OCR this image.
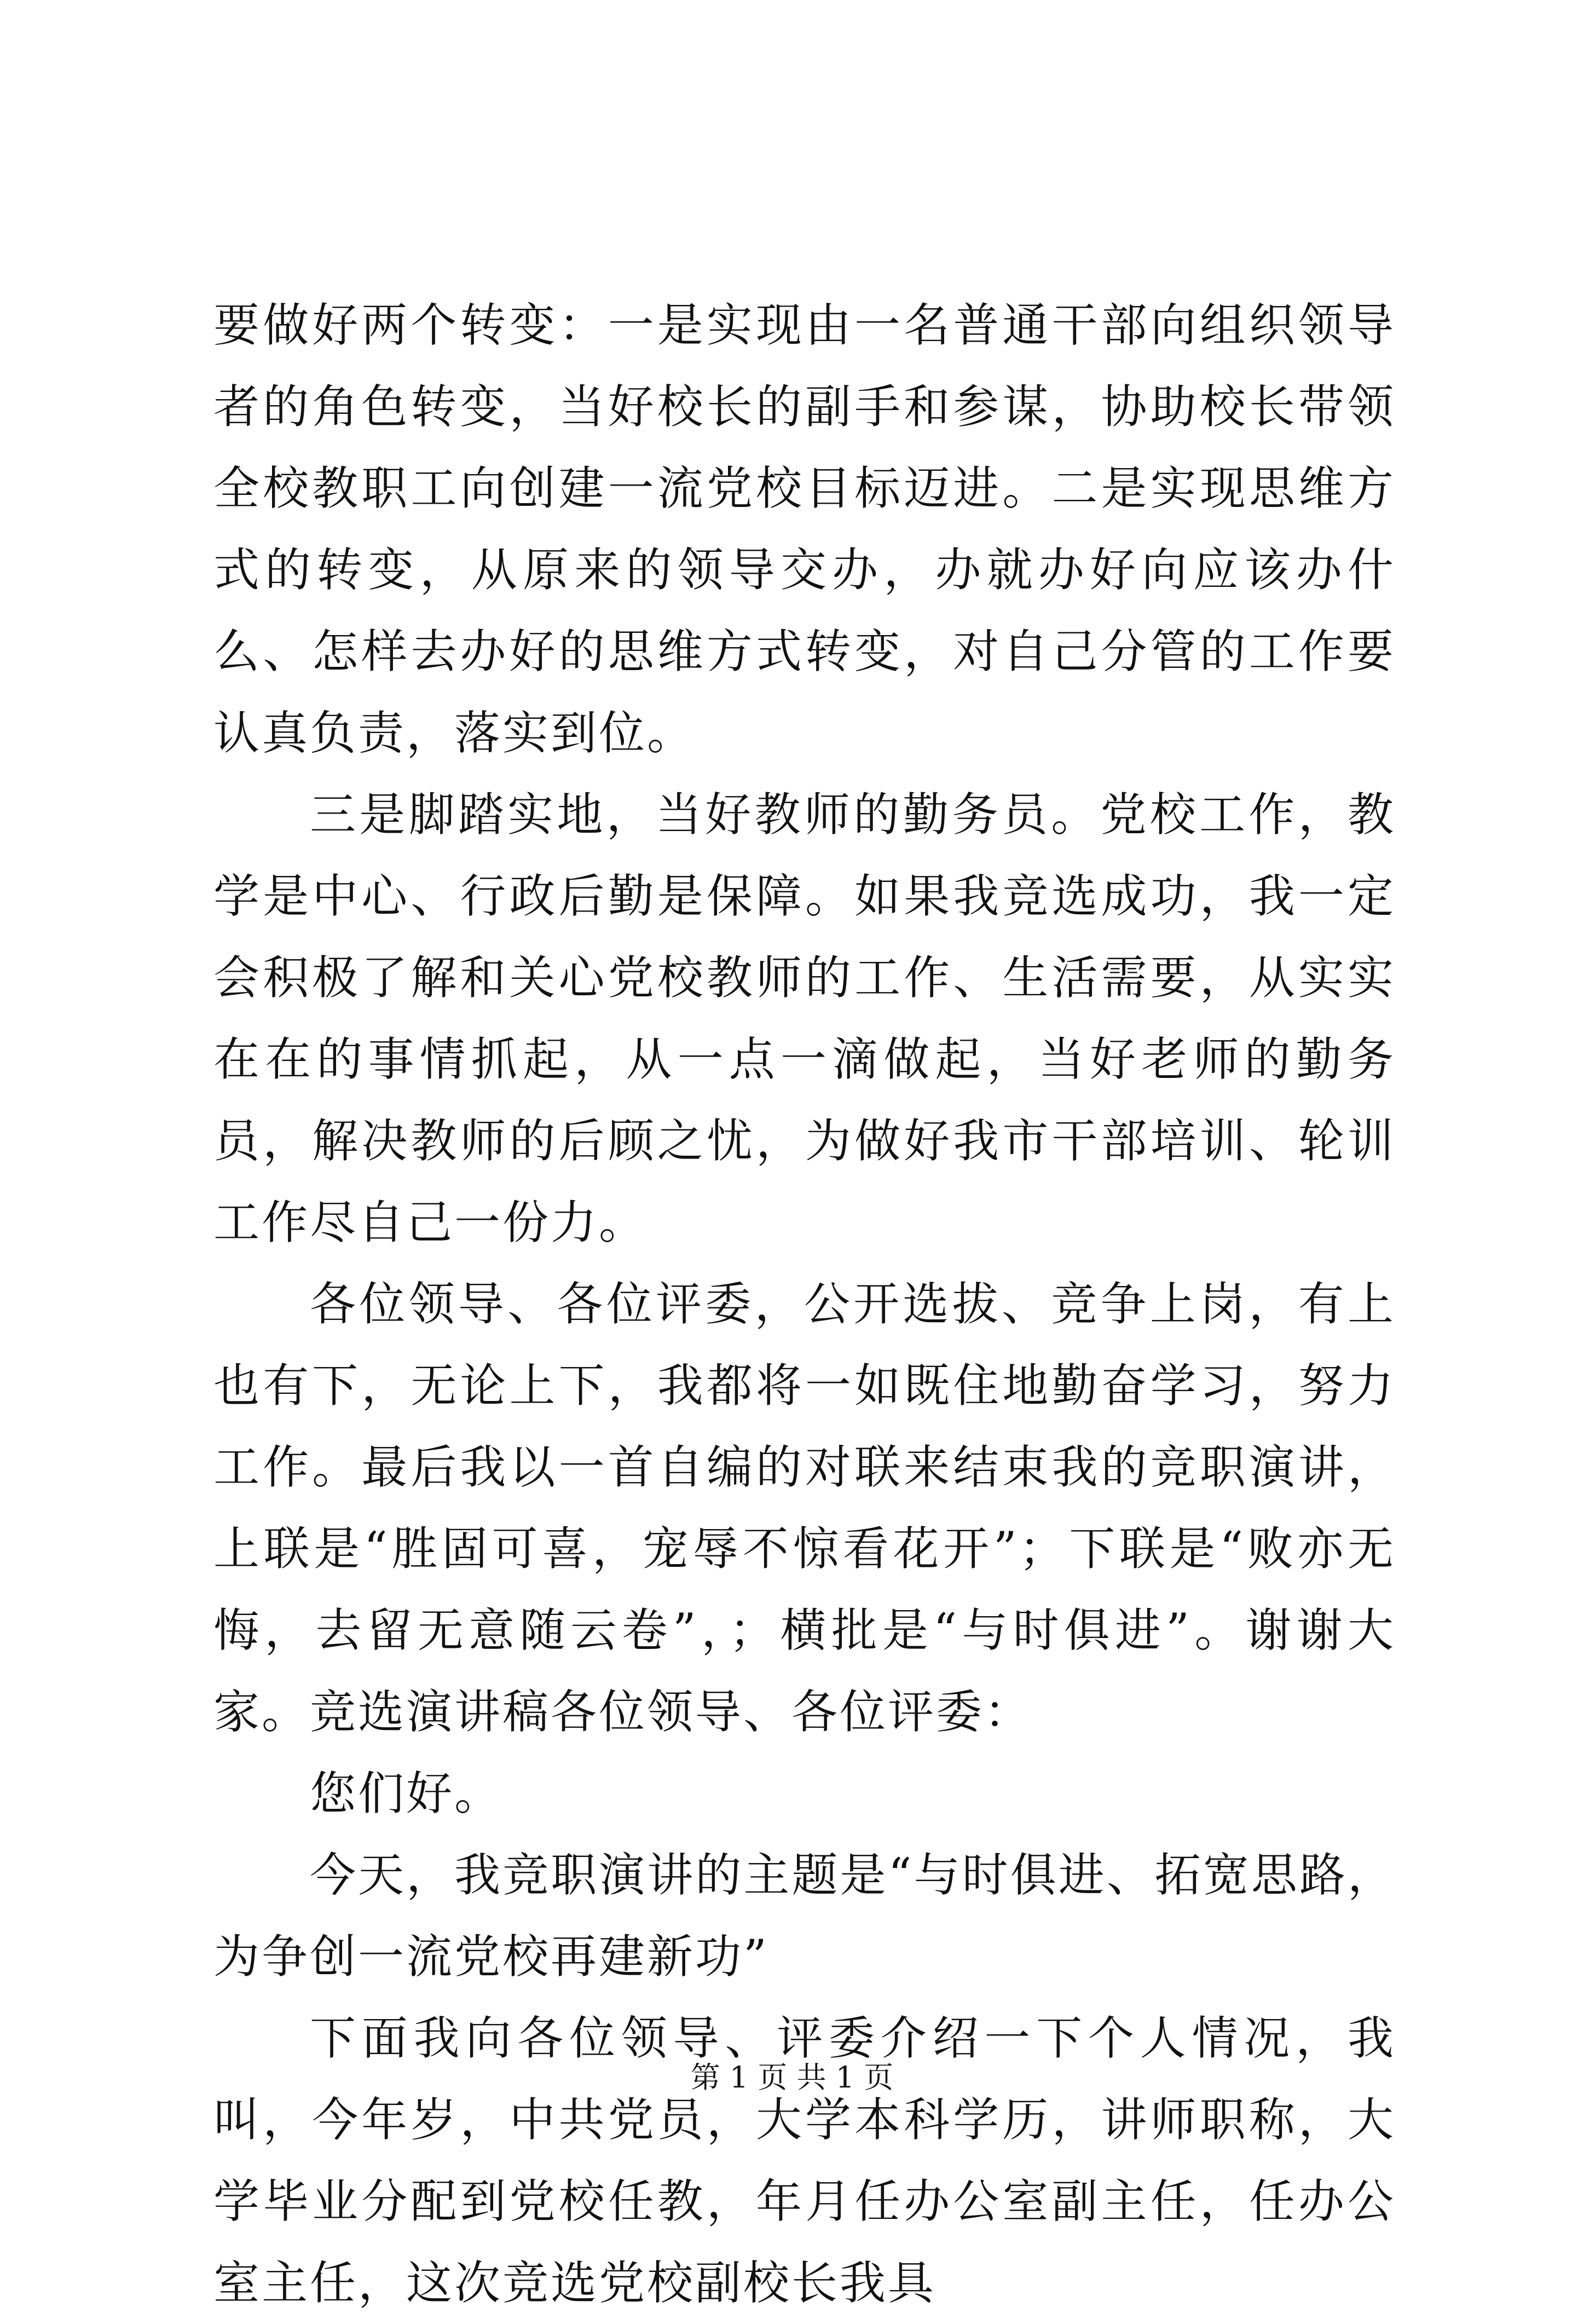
要做好两个转变：一是实现由一名普通干部向组织领导者的角色转变，当好校长的副手和参谋，协助校长带领全校教职工向创建一流党校目标迈进。二是实现思维方式的转变，从原来的领导交办，办就办好向应该办什么、怎样去办好的思维方式转变，对自己分管的工作要认真负责，落实到位。

三是脚踏实地，当好教师的勤务员。党校工作，教学是中心、行政后勤是保障。如果我竞选成功，我一定会积极了解和关心党校教师的工作、生活需要，从实实在在的事情抓起，从一点一滴做起，当好老师的勤务员，解决教师的后顾之忧，为做好我市干部培训、轮训工作尽自己一份力。

各位领导、各位评委，公开选拔、竞争上岗，有上也有下，无论上下，我都将一如既住地勤奋学习，努力工作。最后我以一首自编的对联来结束我的竞职演讲，上联是“胜固可喜，宠辱不惊看花开”；下联是“败亦无悔，去留无意随云卷”，；横批是“与时俱进”。谢谢大家。竞选演讲稿各位领导、各位评委：

您们好。

今天，我竞职演讲的主题是“与时俱进、拓宽思路，为争创一流党校再建新功”

下面我向各位领导、评委介绍一下个人情况，我叫，今年岁，中共党员，大学本科学历，讲师职称，大学毕业分配到党校任教，年月任办公室副主任，任办公室主任，这次竞选党校副校长我具

第 1 页 共 1 页
